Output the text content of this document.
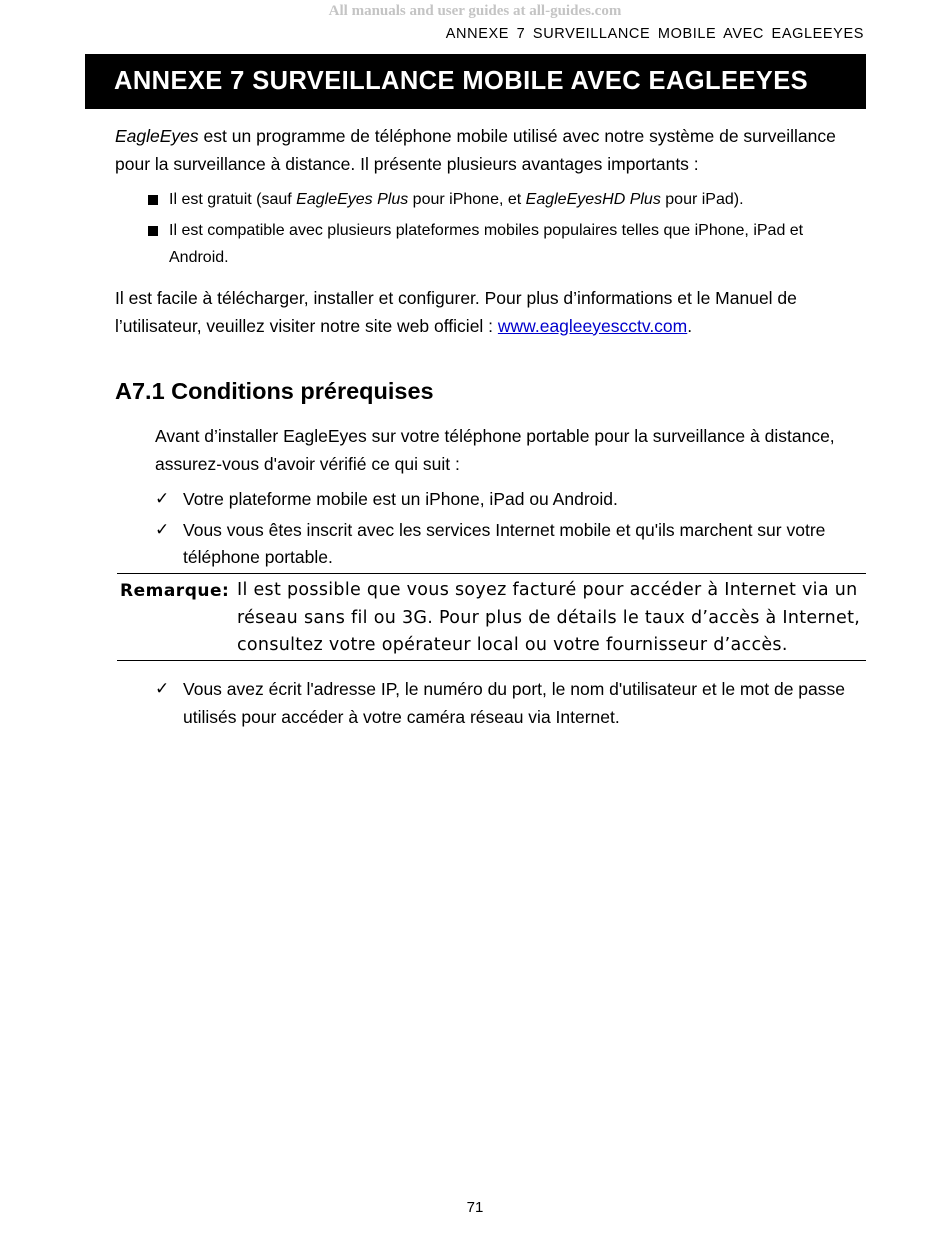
All manuals and user guides at all-guides.com
ANNEXE 7 SURVEILLANCE MOBILE AVEC EAGLEEYES
ANNEXE 7 SURVEILLANCE MOBILE AVEC EAGLEEYES

EagleEyes est un programme de téléphone mobile utilisé avec notre système de surveillance pour la surveillance à distance. Il présente plusieurs avantages importants :

Il est gratuit (sauf EagleEyes Plus pour iPhone, et EagleEyesHD Plus pour iPad).
Il est compatible avec plusieurs plateformes mobiles populaires telles que iPhone, iPad et Android.

Il est facile à télécharger, installer et configurer. Pour plus d’informations et le Manuel de l’utilisateur, veuillez visiter notre site web officiel : www.eagleeyescctv.com.

A7.1 Conditions prérequises

Avant d’installer EagleEyes sur votre téléphone portable pour la surveillance à distance, assurez-vous d'avoir vérifié ce qui suit :

✓ Votre plateforme mobile est un iPhone, iPad ou Android.
✓ Vous vous êtes inscrit avec les services Internet mobile et qu'ils marchent sur votre téléphone portable.
Remarque: Il est possible que vous soyez facturé pour accéder à Internet via un réseau sans fil ou 3G. Pour plus de détails le taux d’accès à Internet, consultez votre opérateur local ou votre fournisseur d’accès.
✓ Vous avez écrit l'adresse IP, le numéro du port, le nom d'utilisateur et le mot de passe utilisés pour accéder à votre caméra réseau via Internet.
71
